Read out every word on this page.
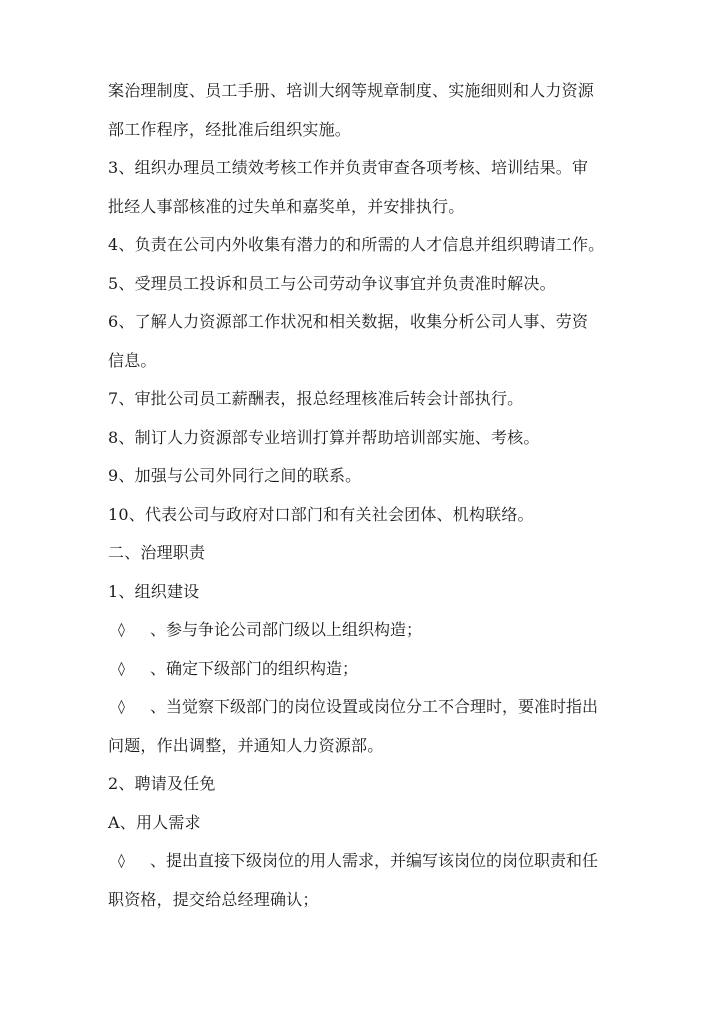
案治理制度、员工手册、培训大纲等规章制度、实施细则和人力资源
部工作程序，经批准后组织实施。
3、组织办理员工绩效考核工作并负责审查各项考核、培训结果。审
批经人事部核准的过失单和嘉奖单，并安排执行。
4、负责在公司内外收集有潜力的和所需的人才信息并组织聘请工作。
5、受理员工投诉和员工与公司劳动争议事宜并负责准时解决。
6、了解人力资源部工作状况和相关数据，收集分析公司人事、劳资
信息。
7、审批公司员工薪酬表，报总经理核准后转会计部执行。
8、制订人力资源部专业培训打算并帮助培训部实施、考核。
9、加强与公司外同行之间的联系。
10、代表公司与政府对口部门和有关社会团体、机构联络。
二、治理职责
1、组织建设
◊	、参与争论公司部门级以上组织构造；
◊	、确定下级部门的组织构造；
◊	、当觉察下级部门的岗位设置或岗位分工不合理时，要准时指出
问题，作出调整，并通知人力资源部。
2、聘请及任免
A、用人需求
◊	、提出直接下级岗位的用人需求，并编写该岗位的岗位职责和任
职资格，提交给总经理确认；
